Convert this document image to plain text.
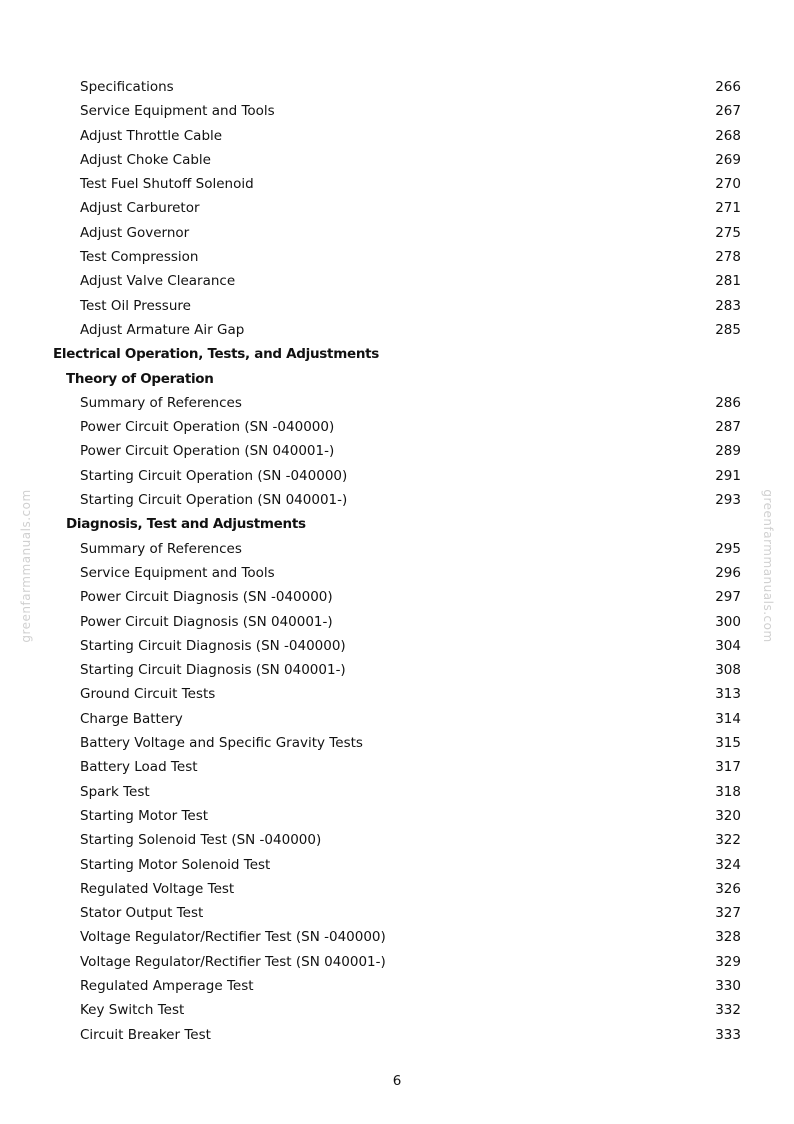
Specifications	266
Service Equipment and Tools	267
Adjust Throttle Cable	268
Adjust Choke Cable	269
Test Fuel Shutoff Solenoid	270
Adjust Carburetor	271
Adjust Governor	275
Test Compression	278
Adjust Valve Clearance	281
Test Oil Pressure	283
Adjust Armature Air Gap	285
Electrical Operation, Tests, and Adjustments
Theory of Operation
Summary of References	286
Power Circuit Operation (SN -040000)	287
Power Circuit Operation (SN 040001-)	289
Starting Circuit Operation (SN -040000)	291
Starting Circuit Operation (SN 040001-)	293
Diagnosis, Test and Adjustments
Summary of References	295
Service Equipment and Tools	296
Power Circuit Diagnosis (SN -040000)	297
Power Circuit Diagnosis (SN 040001-)	300
Starting Circuit Diagnosis (SN -040000)	304
Starting Circuit Diagnosis (SN 040001-)	308
Ground Circuit Tests	313
Charge Battery	314
Battery Voltage and Specific Gravity Tests	315
Battery Load Test	317
Spark Test	318
Starting Motor Test	320
Starting Solenoid Test (SN -040000)	322
Starting Motor Solenoid Test	324
Regulated Voltage Test	326
Stator Output Test	327
Voltage Regulator/Rectifier Test (SN -040000)	328
Voltage Regulator/Rectifier Test (SN 040001-)	329
Regulated Amperage Test	330
Key Switch Test	332
Circuit Breaker Test	333
greenfarmmanuals.com	greenfarmmanuals.com
6
